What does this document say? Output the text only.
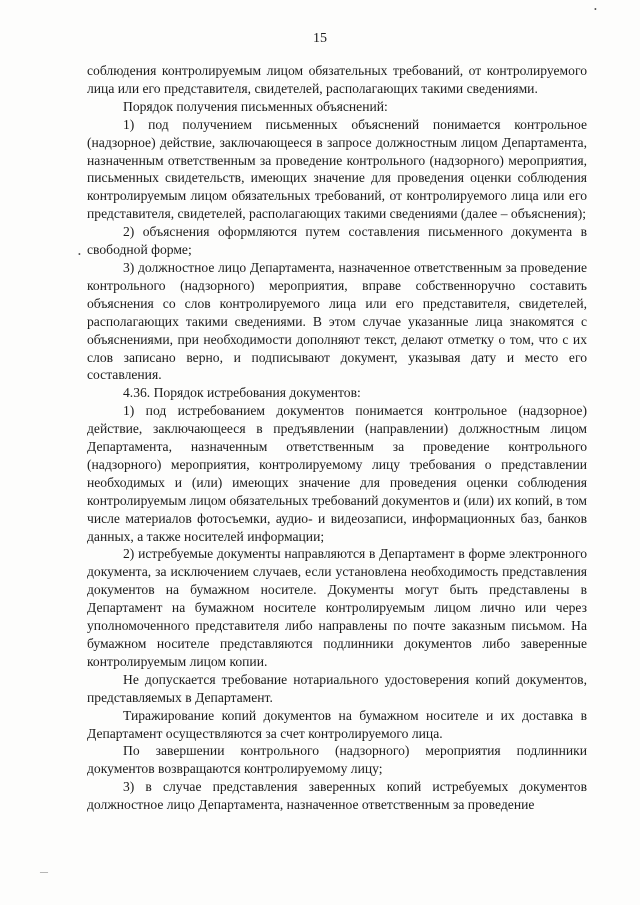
15
•
•
—

соблюдения контролируемым лицом обязательных требований, от контролируемого лица или его представителя, свидетелей, располагающих такими сведениями.

Порядок получения письменных объяснений:

1) под получением письменных объяснений понимается контрольное (надзорное) действие, заключающееся в запросе должностным лицом Департамента, назначенным ответственным за проведение контрольного (надзорного) мероприятия, письменных свидетельств, имеющих значение для проведения оценки соблюдения контролируемым лицом обязательных требований, от контролируемого лица или его представителя, свидетелей, располагающих такими сведениями (далее – объяснения);

2) объяснения оформляются путем составления письменного документа в свободной форме;

3) должностное лицо Департамента, назначенное ответственным за проведение контрольного (надзорного) мероприятия, вправе собственноручно составить объяснения со слов контролируемого лица или его представителя, свидетелей, располагающих такими сведениями. В этом случае указанные лица знакомятся с объяснениями, при необходимости дополняют текст, делают отметку о том, что с их слов записано верно, и подписывают документ, указывая дату и место его составления.

4.36. Порядок истребования документов:

1) под истребованием документов понимается контрольное (надзорное) действие, заключающееся в предъявлении (направлении) должностным лицом Департамента, назначенным ответственным за проведение контрольного (надзорного) мероприятия, контролируемому лицу требования о представлении необходимых и (или) имеющих значение для проведения оценки соблюдения контролируемым лицом обязательных требований документов и (или) их копий, в том числе материалов фотосъемки, аудио- и видеозаписи, информационных баз, банков данных, а также носителей информации;

2) истребуемые документы направляются в Департамент в форме электронного документа, за исключением случаев, если установлена необходимость представления документов на бумажном носителе. Документы могут быть представлены в Департамент на бумажном носителе контролируемым лицом лично или через уполномоченного представителя либо направлены по почте заказным письмом. На бумажном носителе представляются подлинники документов либо заверенные контролируемым лицом копии.

Не допускается требование нотариального удостоверения копий документов, представляемых в Департамент.

Тиражирование копий документов на бумажном носителе и их доставка в Департамент осуществляются за счет контролируемого лица.

По завершении контрольного (надзорного) мероприятия подлинники документов возвращаются контролируемому лицу;

3) в случае представления заверенных копий истребуемых документов должностное лицо Департамента, назначенное ответственным за проведение
